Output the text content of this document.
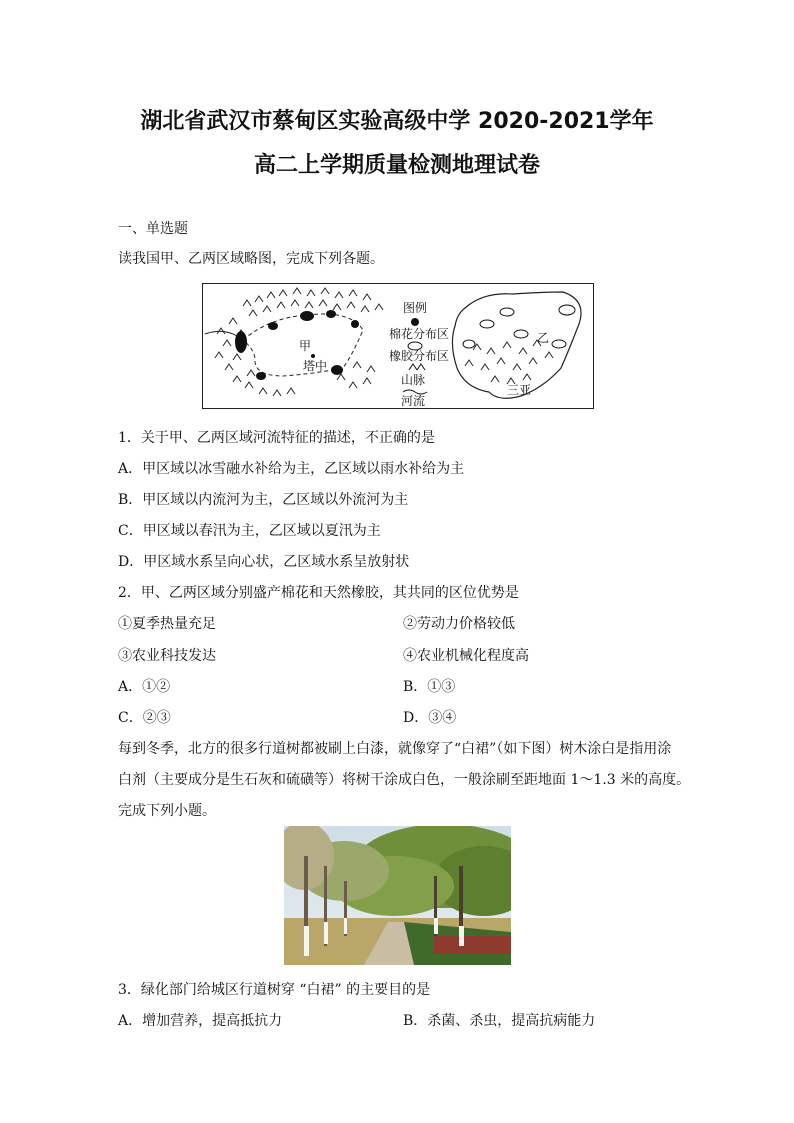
湖北省武汉市蔡甸区实验高级中学 2020-2021学年
高二上学期质量检测地理试卷
一、单选题
读我国甲、乙两区域略图，完成下列各题。
甲
塔中
图例
棉花分布区
橡胶分布区
山脉
河流
乙
三亚
1．关于甲、乙两区域河流特征的描述，不正确的是
A．甲区域以冰雪融水补给为主，乙区域以雨水补给为主
B．甲区域以内流河为主，乙区域以外流河为主
C．甲区域以春汛为主，乙区域以夏汛为主
D．甲区域水系呈向心状，乙区域水系呈放射状
2．甲、乙两区域分别盛产棉花和天然橡胶，其共同的区位优势是
①夏季热量充足	②劳动力价格较低
③农业科技发达	④农业机械化程度高
A．①②	B．①③
C．②③	D．③④
每到冬季，北方的很多行道树都被刷上白漆，就像穿了“白裙”（如下图）树木涂白是指用涂
白剂（主要成分是生石灰和硫磺等）将树干涂成白色，一般涂刷至距地面 1～1.3 米的高度。
完成下列小题。
3．绿化部门给城区行道树穿 “白裙” 的主要目的是
A．增加营养，提高抵抗力	B．杀菌、杀虫，提高抗病能力
